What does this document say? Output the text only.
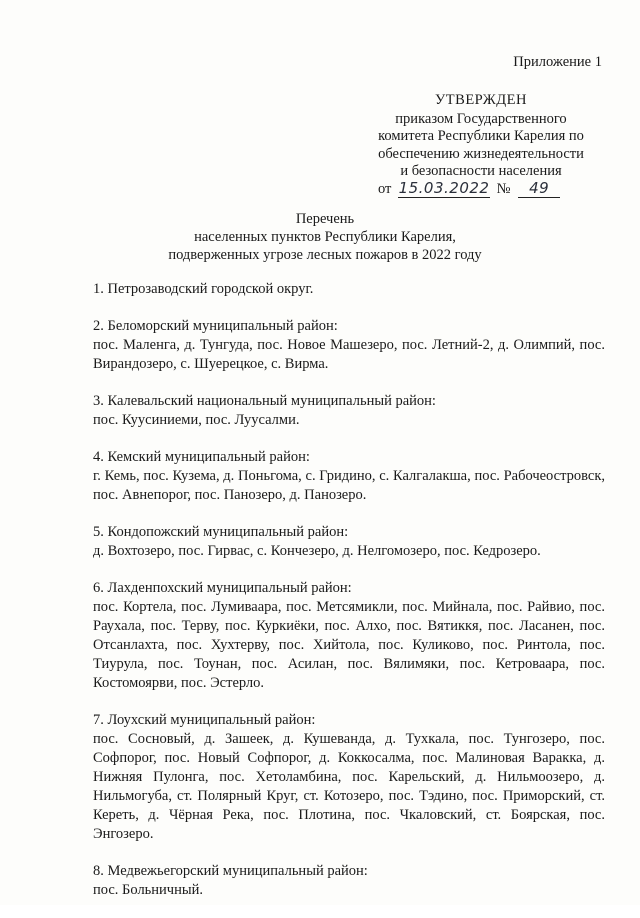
Приложение 1
УТВЕРЖДЕН
приказом Государственного
комитета Республики Карелия по
обеспечению жизнедеятельности
и безопасности населения
от 15.03.2022 № 49
Перечень
населенных пунктов Республики Карелия,
подверженных угрозе лесных пожаров в 2022 году
1. Петрозаводский городской округ.
2. Беломорский муниципальный район:
пос. Маленга, д. Тунгуда, пос. Новое Машезеро, пос. Летний-2, д. Олимпий, пос. Вирандозеро, с. Шуерецкое, с. Вирма.
3. Калевальский национальный муниципальный район:
пос. Куусиниеми, пос. Луусалми.
4. Кемский муниципальный район:
г. Кемь, пос. Кузема, д. Поньгома, с. Гридино, с. Калгалакша, пос. Рабочеостровск, пос. Авнепорог, пос. Панозеро, д. Панозеро.
5. Кондопожский муниципальный район:
д. Вохтозеро, пос. Гирвас, с. Кончезеро, д. Нелгомозеро, пос. Кедрозеро.
6. Лахденпохский муниципальный район:
пос. Кортела, пос. Лумиваара, пос. Метсямикли, пос. Мийнала, пос. Райвио, пос. Раухала, пос. Терву, пос. Куркиёки, пос. Алхо, пос. Вятиккя, пос. Ласанен, пос. Отсанлахта, пос. Хухтерву, пос. Хийтола, пос. Куликово, пос. Ринтола, пос. Тиурула, пос. Тоунан, пос. Асилан, пос. Вялимяки, пос. Кетроваара, пос. Костомоярви, пос. Эстерло.
7. Лоухский муниципальный район:
пос. Сосновый, д. Зашеек, д. Кушеванда, д. Тухкала, пос. Тунгозеро, пос. Софпорог, пос. Новый Софпорог, д. Коккосалма, пос. Малиновая Варакка, д. Нижняя Пулонга, пос. Хетоламбина, пос. Карельский, д. Нильмоозеро, д. Нильмогуба, ст. Полярный Круг, ст. Котозеро, пос. Тэдино, пос. Приморский, ст. Кереть, д. Чёрная Река, пос. Плотина, пос. Чкаловский, ст. Боярская, пос. Энгозеро.
8. Медвежьегорский муниципальный район:
пос. Больничный.
